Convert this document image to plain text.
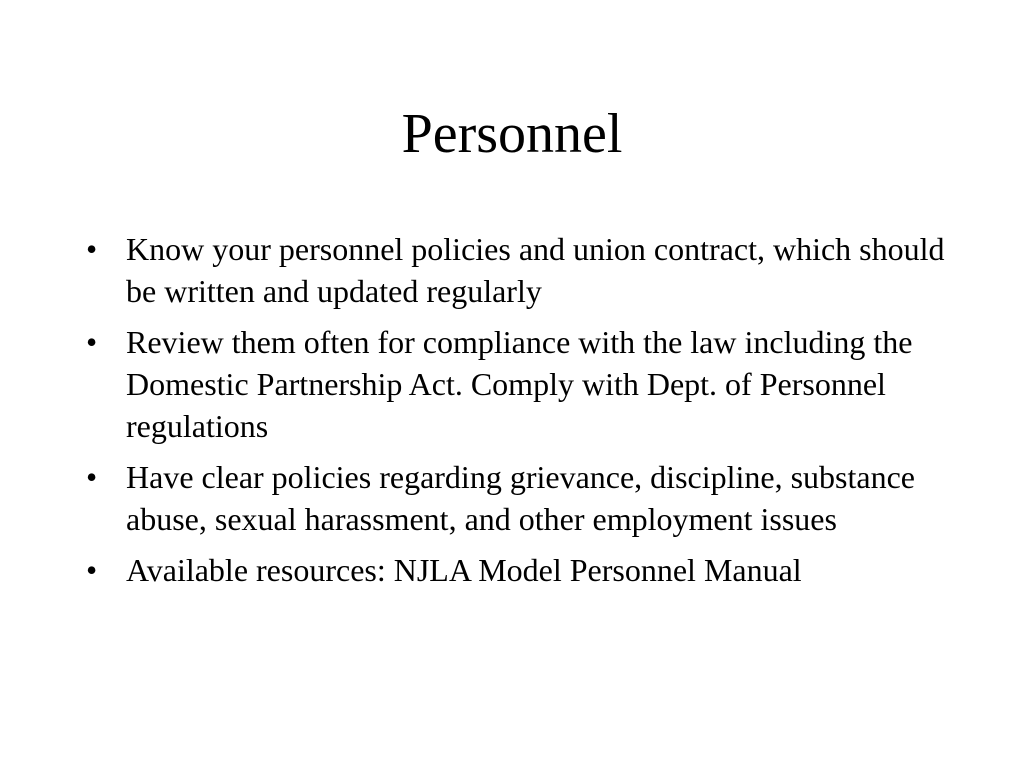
Personnel
• Know your personnel policies and union contract, which should be written and updated regularly
• Review them often for compliance with the law including the Domestic Partnership Act. Comply with Dept. of Personnel regulations
• Have clear policies regarding grievance, discipline, substance abuse, sexual harassment, and other employment issues
• Available resources: NJLA Model Personnel Manual
